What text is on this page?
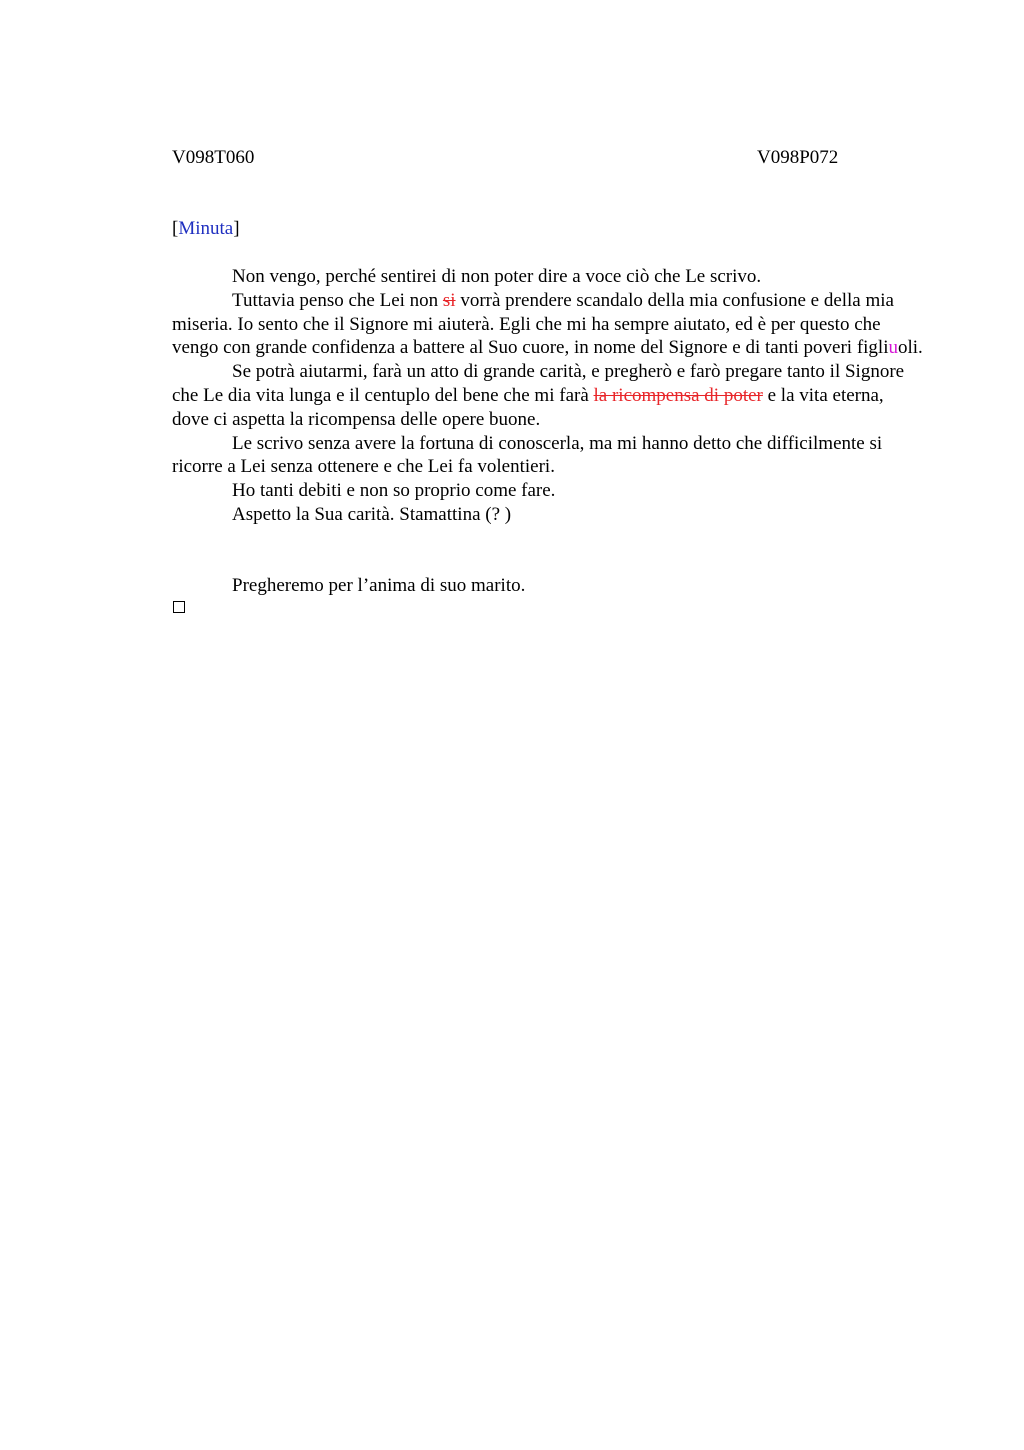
V098T060	V098P072
[Minuta]

Non vengo, perché sentirei di non poter dire a voce ciò che Le scrivo.

Tuttavia penso che Lei non si vorrà prendere scandalo della mia confusione e della mia miseria. Io sento che il Signore mi aiuterà. Egli che mi ha sempre aiutato, ed è per questo che vengo con grande confidenza a battere al Suo cuore, in nome del Signore e di tanti poveri figliuoli.

Se potrà aiutarmi, farà un atto di grande carità, e pregherò e farò pregare tanto il Signore che Le dia vita lunga e il centuplo del bene che mi farà la ricompensa di poter e la vita eterna, dove ci aspetta la ricompensa delle opere buone.

Le scrivo senza avere la fortuna di conoscerla, ma mi hanno detto che difficilmente si ricorre a Lei senza ottenere e che Lei fa volentieri.

Ho tanti debiti e non so proprio come fare.

Aspetto la Sua carità. Stamattina (? )

Pregheremo per l’anima di suo marito.
